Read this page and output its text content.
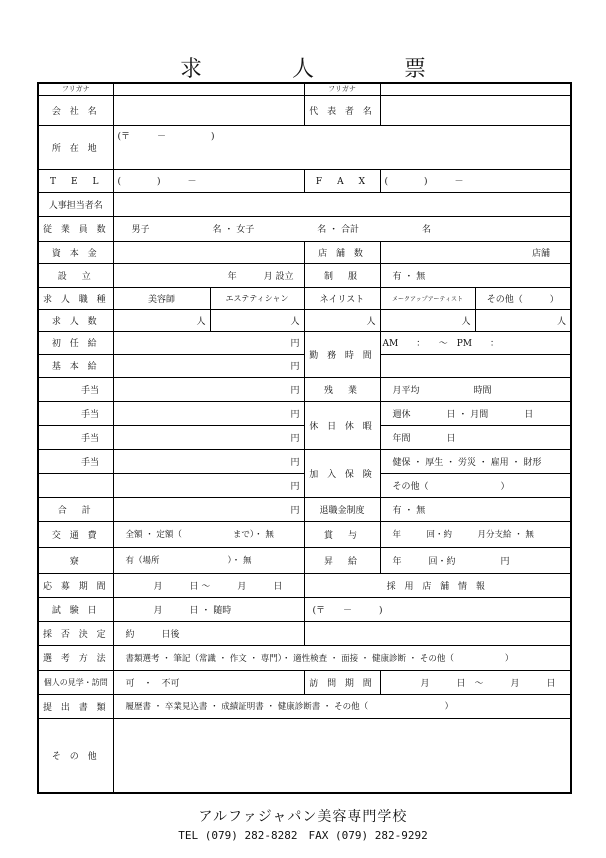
求　人　票
フリガナ			フリガナ		
会 社 名			代 表 者 名		
所 在 地	(〒　　　－　　　　　)				
T　E　L	(　　　　)　　　－		F　A　X	(　　　　)　　　－	
人事担当者名					
従 業 員 数	男子　　　　　　　名 ・ 女子　　　　　　　名 ・ 合計　　　　　　　名				
資 本 金			店 舗 数	店舗	
設　立	年　　　月 設立		制　服	有 ・ 無	
求 人 職 種	美容師	エステティシャン	ネイリスト	メークアップアーティスト	その他（　　　）
求 人 数	人	人	人	人	人
初 任 給	円		勤 務 時 間	AM　　：　　〜　PM　　：	
基 本 給	円				
手当	円		残　業	月平均　　　　　　時間	
手当	円		休 日 休 暇	週休　　　　日 ・ 月間　　　　日	
手当	円			年間　　　　日	
手当	円		加 入 保 険	健保 ・ 厚生 ・ 労災 ・ 雇用 ・ 財形	
	円			その他（　　　　　　　　）	
合　計	円		退職金制度	有 ・ 無	
交 通 費	全額 ・ 定額（　　　　　　まで）・ 無		賞　与	年　　　回・約　　　月分支給 ・ 無	
寮	有（場所　　　　　　　　）・ 無		昇　給	年　　　回・約　　　　　円	
応 募 期 間	月　　　日 〜　　　月　　　日		採 用 店 舗 情 報		
試 験 日	月　　　日 ・ 随時		(〒　　－　　　)		
採 否 決 定	約　　　日後				
選 考 方 法	書類選考 ・ 筆記（常識 ・ 作文 ・ 専門）・ 適性検査 ・ 面接 ・ 健康診断 ・ その他（　　　　　　）				
個人の見学・訪問	可　・　不可		訪 問 期 間	月　　　日　〜　　　月　　　日	
提 出 書 類	履歴書 ・ 卒業見込書 ・ 成績証明書 ・ 健康診断書 ・ その他（　　　　　　　　　）				
そ の 他					
アルファジャパン美容専門学校
TEL (079) 282-8282　FAX (079) 282-9292
